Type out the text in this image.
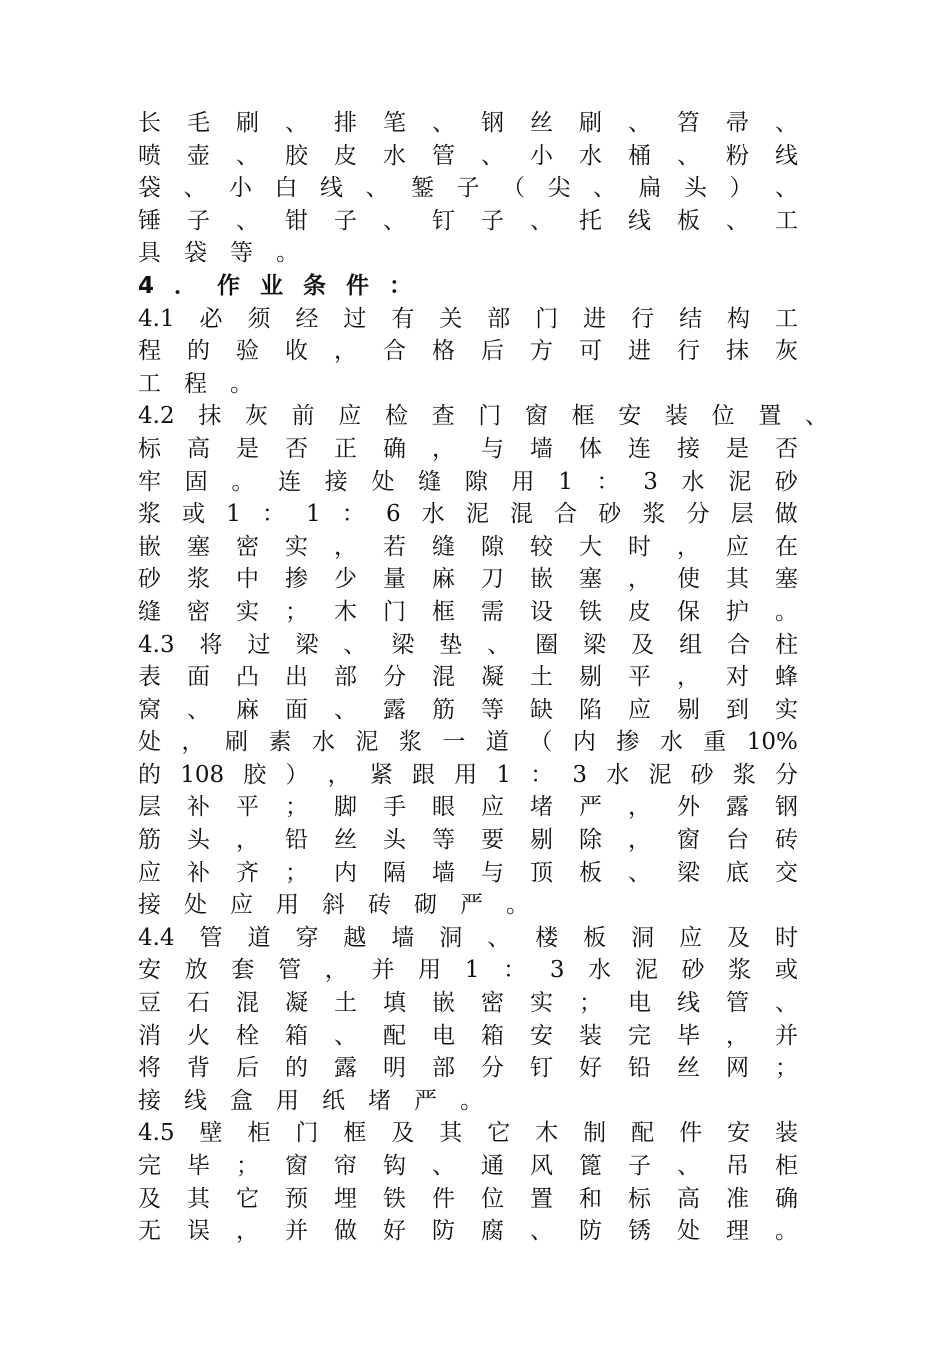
长 毛 刷 、 排 笔 、 钢 丝 刷 、 笤 帚 、
喷 壶 、 胶 皮 水 管 、 小 水 桶 、 粉 线
袋 、 小 白 线 、 錾 子 （ 尖 、 扁 头 ） 、
锤 子 、 钳 子 、 钉 子 、 托 线 板 、 工
具袋等。
4．作业条件：
4.1 必 须 经 过 有 关 部 门 进 行 结 构 工
程 的 验 收 ， 合 格 后 方 可 进 行 抹 灰
工程。
4.2 抹 灰 前 应 检 查 门 窗 框 安 装 位 置 、
标 高 是 否 正 确 ， 与 墙 体 连 接 是 否
牢 固 。 连 接 处 缝 隙 用 1 ： 3 水 泥 砂
浆 或 1 ： 1 ： 6 水 泥 混 合 砂 浆 分 层 做
嵌 塞 密 实 ， 若 缝 隙 较 大 时 ， 应 在
砂 浆 中 掺 少 量 麻 刀 嵌 塞 ， 使 其 塞
缝 密 实 ； 木 门 框 需 设 铁 皮 保 护 。
4.3 将 过 梁 、 梁 垫 、 圈 梁 及 组 合 柱
表 面 凸 出 部 分 混 凝 土 剔 平 ， 对 蜂
窝 、 麻 面 、 露 筋 等 缺 陷 应 剔 到 实
处 ， 刷 素 水 泥 浆 一 道 （ 内 掺 水 重 10%
的 108 胶 ） ， 紧 跟 用 1 ： 3 水 泥 砂 浆 分
层 补 平 ； 脚 手 眼 应 堵 严 ， 外 露 钢
筋 头 ， 铅 丝 头 等 要 剔 除 ， 窗 台 砖
应 补 齐 ； 内 隔 墙 与 顶 板 、 梁 底 交
接处应用斜砖砌严。
4.4 管 道 穿 越 墙 洞 、 楼 板 洞 应 及 时
安 放 套 管 ， 并 用 1 ： 3 水 泥 砂 浆 或
豆 石 混 凝 土 填 嵌 密 实 ； 电 线 管 、
消 火 栓 箱 、 配 电 箱 安 装 完 毕 ， 并
将 背 后 的 露 明 部 分 钉 好 铅 丝 网 ；
接线盒用纸堵严。
4.5 壁 柜 门 框 及 其 它 木 制 配 件 安 装
完 毕 ； 窗 帘 钩 、 通 风 篦 子 、 吊 柜
及 其 它 预 埋 铁 件 位 置 和 标 高 准 确
无 误 ， 并 做 好 防 腐 、 防 锈 处 理 。
